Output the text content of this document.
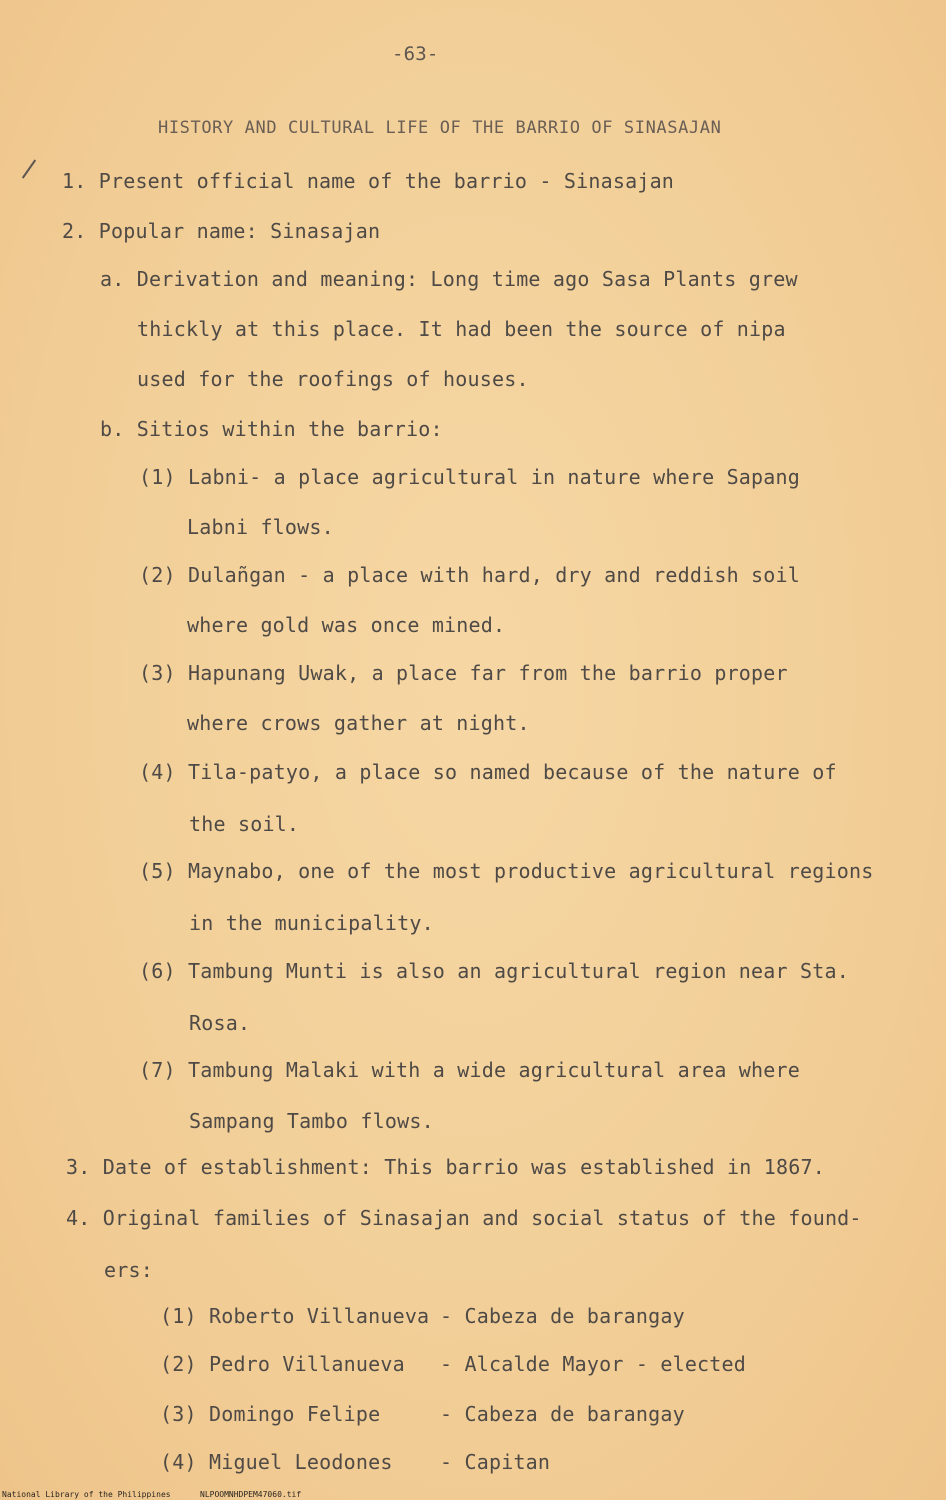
-63-
HISTORY AND CULTURAL LIFE OF THE BARRIO OF SINASAJAN
1. Present official name of the barrio - Sinasajan
2. Popular name: Sinasajan
a. Derivation and meaning: Long time ago Sasa Plants grew
thickly at this place. It had been the source of nipa
used for the roofings of houses.
b. Sitios within the barrio:
(1) Labni- a place agricultural in nature where Sapang
Labni flows.
(2) Dulañgan - a place with hard, dry and reddish soil
where gold was once mined.
(3) Hapunang Uwak, a place far from the barrio proper
where crows gather at night.
(4) Tila-patyo, a place so named because of the nature of
the soil.
(5) Maynabo, one of the most productive agricultural regions
in the municipality.
(6) Tambung Munti is also an agricultural region near Sta.
Rosa.
(7) Tambung Malaki with a wide agricultural area where
Sampang Tambo flows.
3. Date of establishment: This barrio was established in 1867.
4. Original families of Sinasajan and social status of the found-
ers:
(1) Roberto Villanueva - Cabeza de barangay
(2) Pedro Villanueva - Alcalde Mayor - elected
(3) Domingo Felipe	- Cabeza de barangay
(4) Miguel Leodones - Capitan
National Library of the Philippines	NLPOOMNHDPEM47060.tif
